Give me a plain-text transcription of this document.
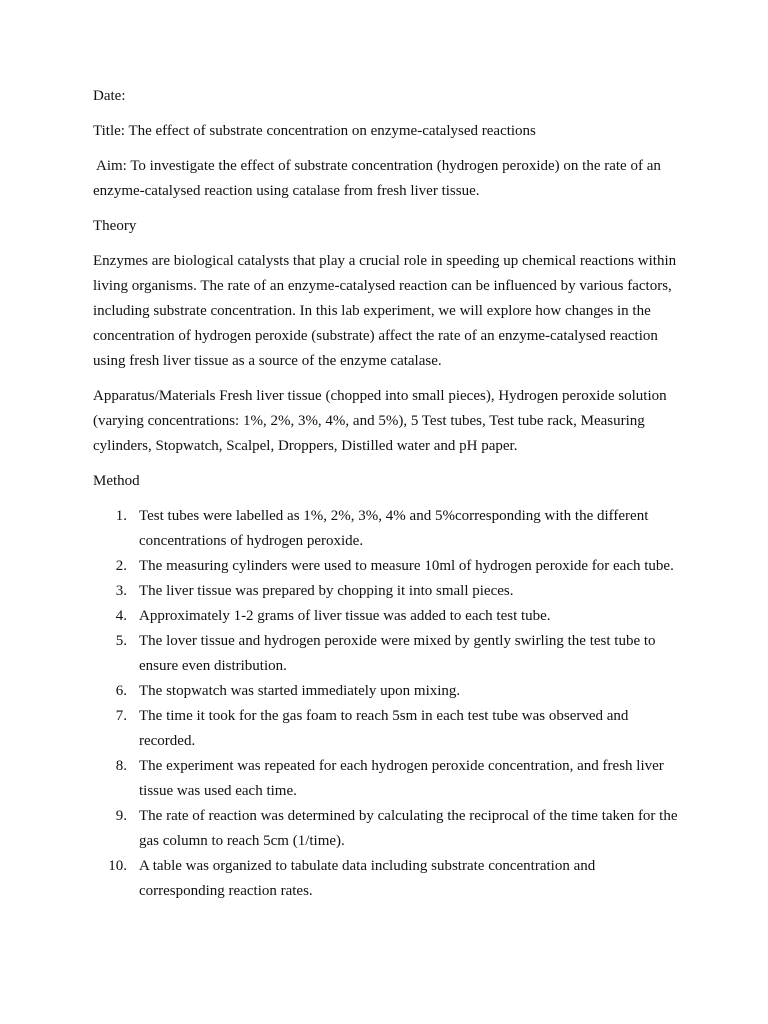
Date:

Title: The effect of substrate concentration on enzyme-catalysed reactions

Aim: To investigate the effect of substrate concentration (hydrogen peroxide) on the rate of an enzyme-catalysed reaction using catalase from fresh liver tissue.

Theory

Enzymes are biological catalysts that play a crucial role in speeding up chemical reactions within living organisms. The rate of an enzyme-catalysed reaction can be influenced by various factors, including substrate concentration. In this lab experiment, we will explore how changes in the concentration of hydrogen peroxide (substrate) affect the rate of an enzyme-catalysed reaction using fresh liver tissue as a source of the enzyme catalase.

Apparatus/Materials Fresh liver tissue (chopped into small pieces), Hydrogen peroxide solution (varying concentrations: 1%, 2%, 3%, 4%, and 5%), 5 Test tubes, Test tube rack, Measuring cylinders, Stopwatch, Scalpel, Droppers, Distilled water and pH paper.

Method

1. Test tubes were labelled as 1%, 2%, 3%, 4% and 5%corresponding with the different concentrations of hydrogen peroxide.
2. The measuring cylinders were used to measure 10ml of hydrogen peroxide for each tube.
3. The liver tissue was prepared by chopping it into small pieces.
4. Approximately 1-2 grams of liver tissue was added to each test tube.
5. The lover tissue and hydrogen peroxide were mixed by gently swirling the test tube to ensure even distribution.
6. The stopwatch was started immediately upon mixing.
7. The time it took for the gas foam to reach 5sm in each test tube was observed and recorded.
8. The experiment was repeated for each hydrogen peroxide concentration, and fresh liver tissue was used each time.
9. The rate of reaction was determined by calculating the reciprocal of the time taken for the gas column to reach 5cm (1/time).
10. A table was organized to tabulate data including substrate concentration and corresponding reaction rates.
